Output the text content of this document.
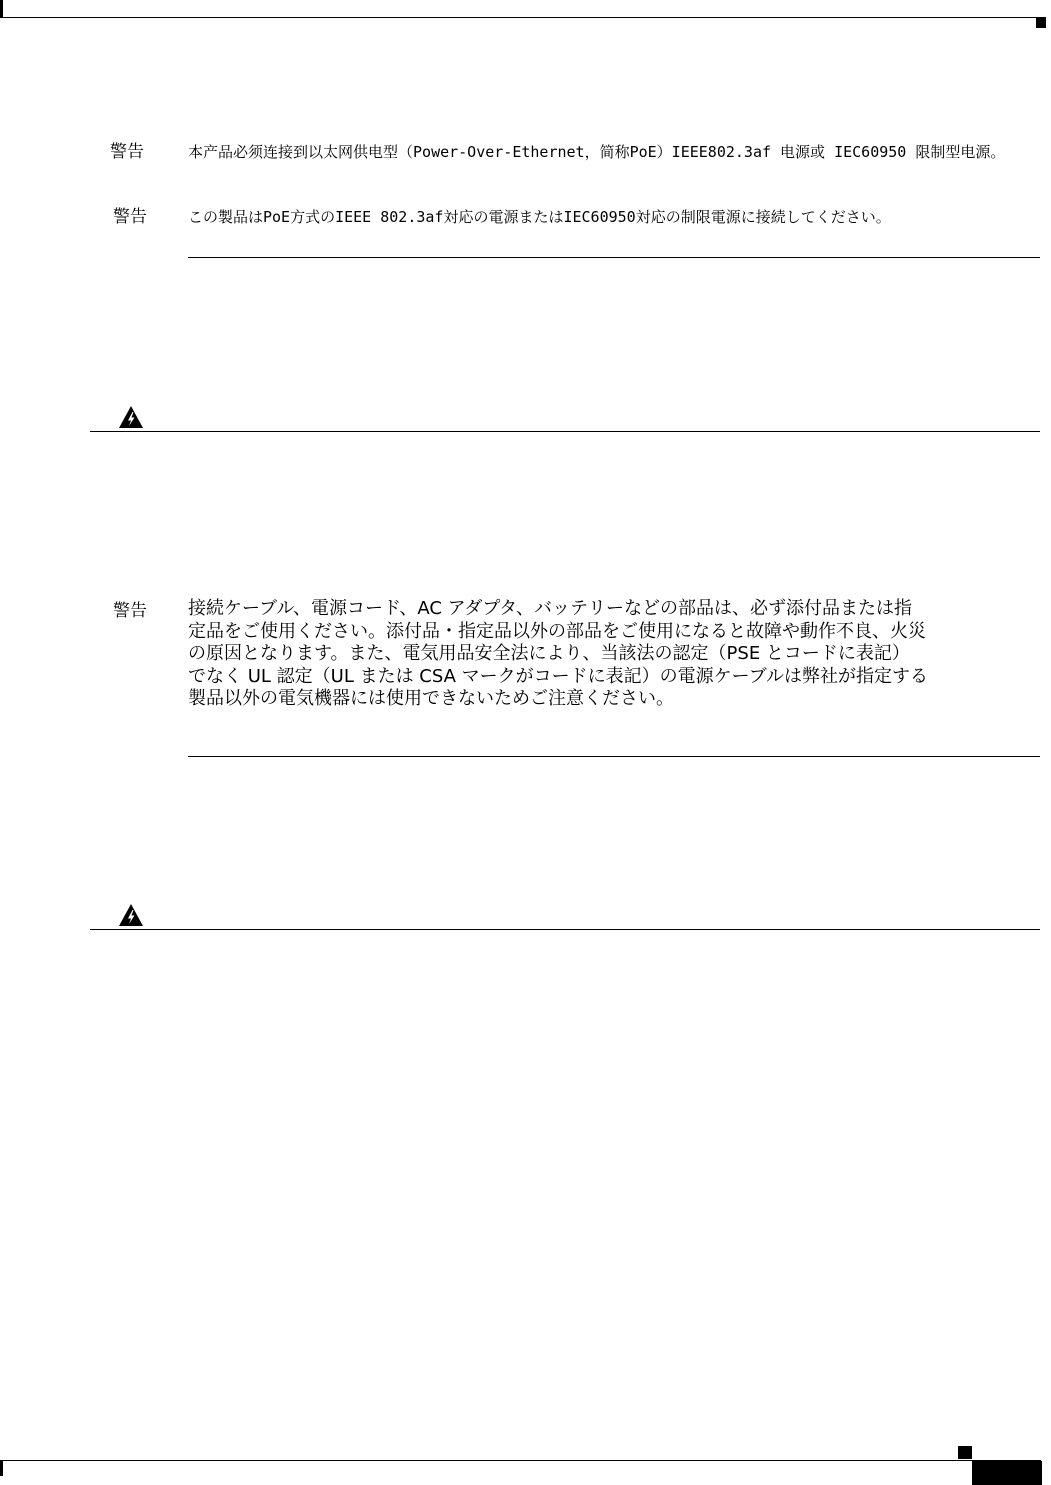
警告	本产品必须连接到以太网供电型（Power-Over-Ethernet，简称PoE）IEEE802.3af 电源或 IEC60950 限制型电源。
警告	この製品はPoE方式のIEEE 802.3af対応の電源またはIEC60950対応の制限電源に接続してください。
警告 接続ケーブル、電源コード、AC アダプタ、バッテリーなどの部品は、必ず添付品または指
定品をご使用ください。添付品・指定品以外の部品をご使用になると故障や動作不良、火災
の原因となります。また、電気用品安全法により、当該法の認定（PSE とコードに表記）
でなく UL 認定（UL または CSA マークがコードに表記）の電源ケーブルは弊社が指定する
製品以外の電気機器には使用できないためご注意ください。
